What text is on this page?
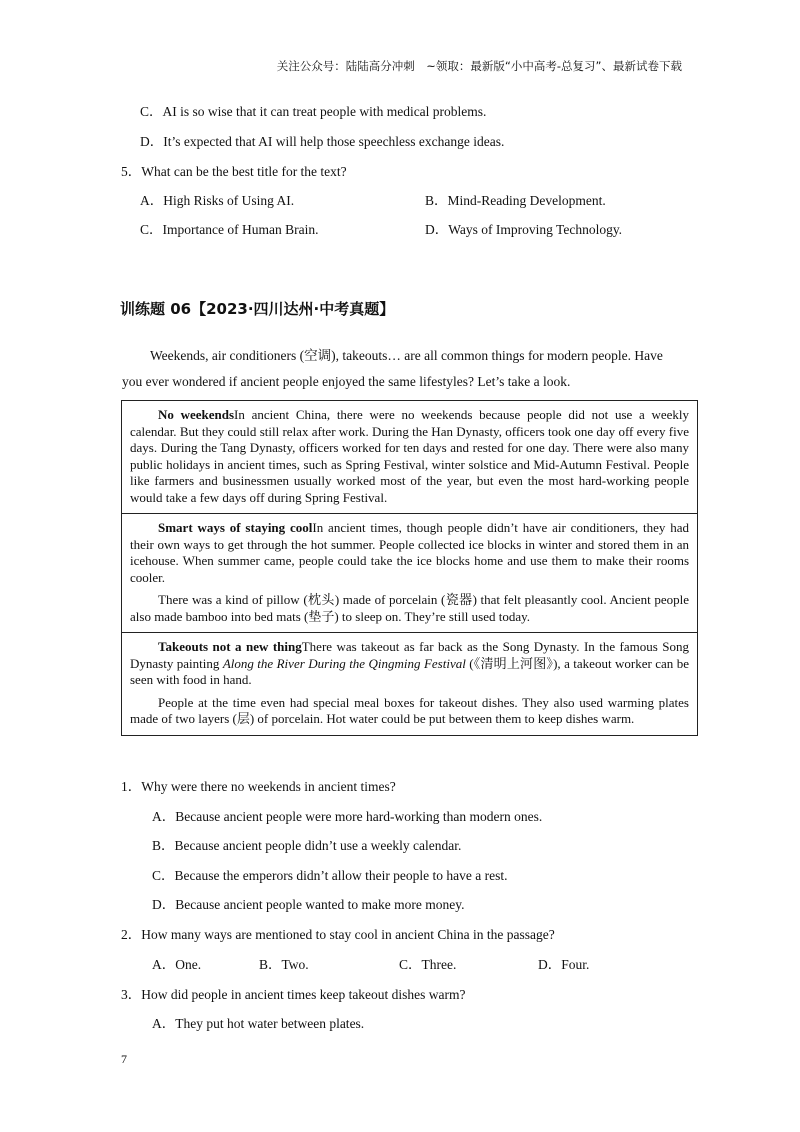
关注公众号：陆陆高分冲刺　~领取：最新版“小中高考-总复习”、最新试卷下载
C．AI is so wise that it can treat people with medical problems.
D．It’s expected that AI will help those speechless exchange ideas.
5．What can be the best title for the text?
A．High Risks of Using AI.	B．Mind-Reading Development.
C．Importance of Human Brain.	D．Ways of Improving Technology.
训练题 06【2023·四川达州·中考真题】
Weekends, air conditioners (空调), takeouts… are all common things for modern people. Have
you ever wondered if ancient people enjoyed the same lifestyles? Let’s take a look.

No weekendsIn ancient China, there were no weekends because people did not use a weekly calendar. But they could still relax after work. During the Han Dynasty, officers took one day off every five days. During the Tang Dynasty, officers worked for ten days and rested for one day. There were also many public holidays in ancient times, such as Spring Festival, winter solstice and Mid-Autumn Festival. People like farmers and businessmen usually worked most of the year, but even the most hard-working people would take a few days off during Spring Festival.

Smart ways of staying coolIn ancient times, though people didn’t have air conditioners, they had their own ways to get through the hot summer. People collected ice blocks in winter and stored them in an icehouse. When summer came, people could take the ice blocks home and use them to make their rooms cooler.

There was a kind of pillow (枕头) made of porcelain (瓷器) that felt pleasantly cool. Ancient people also made bamboo into bed mats (垫子) to sleep on. They’re still used today.

Takeouts not a new thingThere was takeout as far back as the Song Dynasty. In the famous Song Dynasty painting Along the River During the Qingming Festival (《清明上河图》), a takeout worker can be seen with food in hand.

People at the time even had special meal boxes for takeout dishes. They also used warming plates made of two layers (层) of porcelain. Hot water could be put between them to keep dishes warm.

1．Why were there no weekends in ancient times?
A．Because ancient people were more hard-working than modern ones.
B．Because ancient people didn’t use a weekly calendar.
C．Because the emperors didn’t allow their people to have a rest.
D．Because ancient people wanted to make more money.
2．How many ways are mentioned to stay cool in ancient China in the passage?
A．One.	B．Two.	C．Three.	D．Four.
3．How did people in ancient times keep takeout dishes warm?
A．They put hot water between plates.
7
